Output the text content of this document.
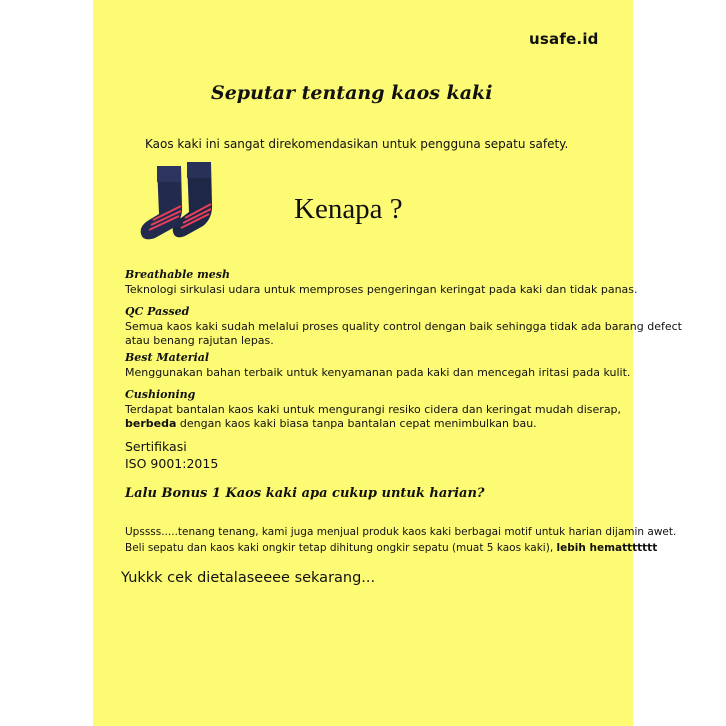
usafe.id
Seputar tentang kaos kaki
Kaos kaki ini sangat direkomendasikan untuk pengguna sepatu safety.
Kenapa ?
Breathable mesh
Teknologi sirkulasi udara untuk memproses pengeringan keringat pada kaki dan tidak panas.
QC Passed
Semua kaos kaki sudah melalui proses quality control dengan baik sehingga tidak ada barang defect
atau benang rajutan lepas.
Best Material
Menggunakan bahan terbaik untuk kenyamanan pada kaki dan mencegah iritasi pada kulit.
Cushioning
Terdapat bantalan kaos kaki untuk mengurangi resiko cidera dan keringat mudah diserap,
berbeda dengan kaos kaki biasa tanpa bantalan cepat menimbulkan bau.
Sertifikasi
ISO 9001:2015
Lalu Bonus 1 Kaos kaki apa cukup untuk harian?
Upssss.....tenang tenang, kami juga menjual produk kaos kaki berbagai motif untuk harian dijamin awet.
Beli sepatu dan kaos kaki ongkir tetap dihitung ongkir sepatu (muat 5 kaos kaki), lebih hemattttttt
Yukkk cek dietalaseeee sekarang...
